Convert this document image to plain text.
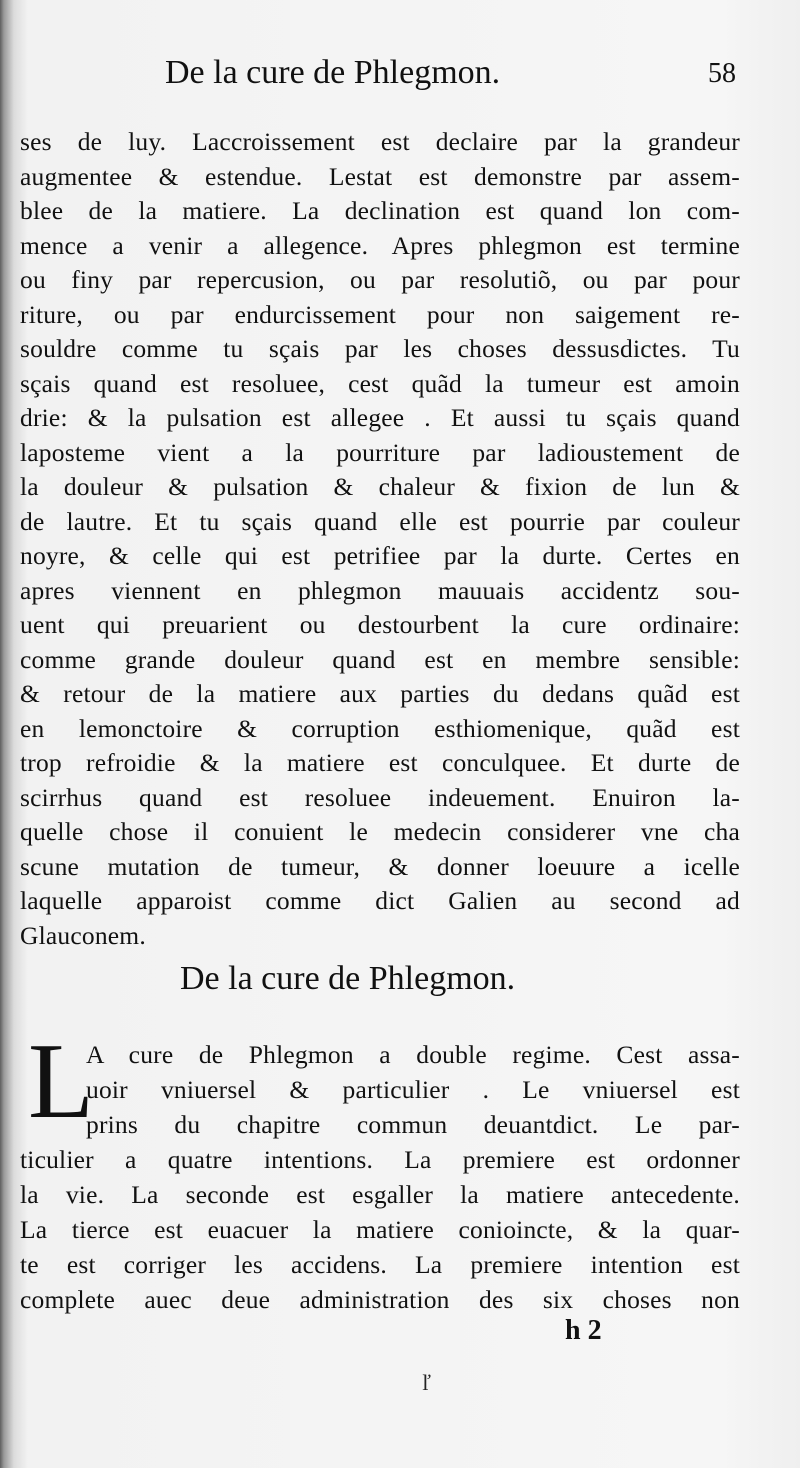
De la cure de Phlegmon.	58
ses de luy. Laccroissement est declaire par la grandeur
augmentee & estendue. Lestat est demonstre par assem-
blee de la matiere. La declination est quand lon com-
mence a venir a allegence. Apres phlegmon est termine
ou finy par repercusion, ou par resolutiõ, ou par pour
riture, ou par endurcissement pour non saigement re-
souldre comme tu sçais par les choses dessusdictes. Tu
sçais quand est resoluee, cest quãd la tumeur est amoin
drie: & la pulsation est allegee . Et aussi tu sçais quand
laposteme vient a la pourriture par ladioustement de
la douleur & pulsation & chaleur & fixion de lun &
de lautre. Et tu sçais quand elle est pourrie par couleur
noyre, & celle qui est petrifiee par la durte. Certes en
apres viennent en phlegmon mauuais accidentz sou-
uent qui preuarient ou destourbent la cure ordinaire:
comme grande douleur quand est en membre sensible:
& retour de la matiere aux parties du dedans quãd est
en lemonctoire & corruption esthiomenique, quãd est
trop refroidie & la matiere est conculquee. Et durte de
scirrhus quand est resoluee indeuement. Enuiron la-
quelle chose il conuient le medecin considerer vne cha
scune mutation de tumeur, & donner loeuure a icelle
laquelle apparoist comme dict Galien au second ad
Glauconem.
De la cure de Phlegmon.
L
A cure de Phlegmon a double regime. Cest assa-
uoir vniuersel & particulier . Le vniuersel est
prins du chapitre commun deuantdict. Le par-
ticulier a quatre intentions. La premiere est ordonner
la vie. La seconde est esgaller la matiere antecedente.
La tierce est euacuer la matiere conioincte, & la quar-
te est corriger les accidens. La premiere intention est
complete auec deue administration des six choses non
h 2
ľ
